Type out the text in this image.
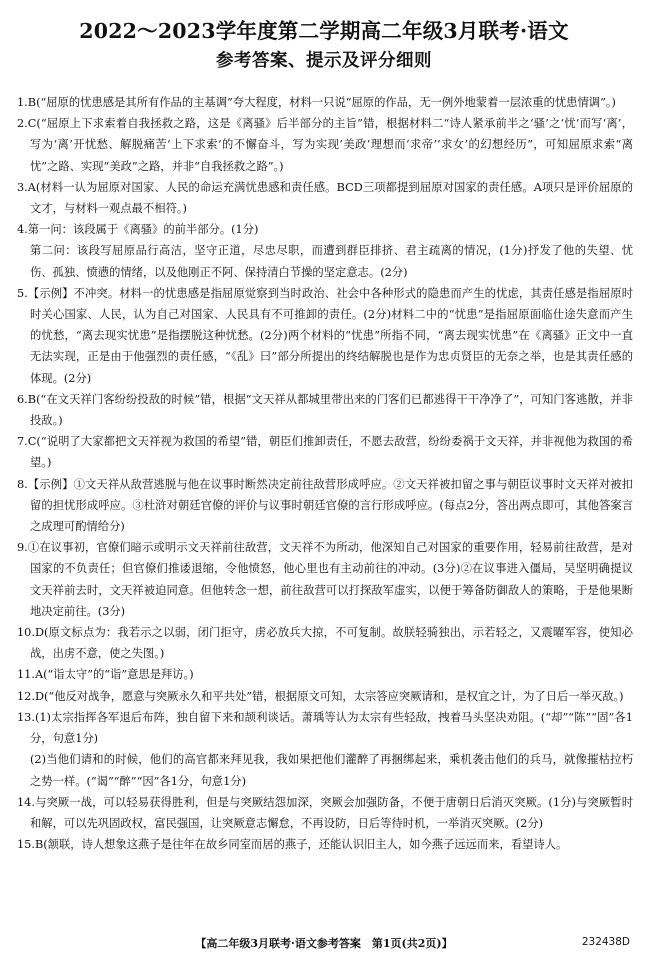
2022～2023学年度第二学期高二年级3月联考·语文
参考答案、提示及评分细则
1.B(“屈原的忧患感是其所有作品的主基调”夸大程度，材料一只说“屈原的作品，无一例外地蒙着一层浓重的忧患情调”。)
2.C(“屈原上下求索着自我拯救之路，这是《离骚》后半部分的主旨”错，根据材料二“诗人紧承前半之‘骚’之‘忧’而写‘离’，写为‘离’开忧愁、解脱痛苦‘上下求索’的不懈奋斗，写为实现‘美政’理想而‘求帝’‘求女’的幻想经历”，可知屈原求索“离忧”之路、实现“美政”之路，并非“自我拯救之路”。)
3.A(材料一认为屈原对国家、人民的命运充满忧患感和责任感。BCD三项都提到屈原对国家的责任感。A项只是评价屈原的文才，与材料一观点最不相符。)
4.第一问：该段属于《离骚》的前半部分。(1分)
第二问：该段写屈原品行高洁，坚守正道，尽忠尽职，而遭到群臣排挤、君主疏离的情况，(1分)抒发了他的失望、忧伤、孤独、愤懑的情绪，以及他刚正不阿、保持清白节操的坚定意志。(2分)
5.【示例】不冲突。材料一的忧患感是指屈原觉察到当时政治、社会中各种形式的隐患而产生的忧虑，其责任感是指屈原时时关心国家、人民，认为自己对国家、人民具有不可推卸的责任。(2分)材料二中的“忧患”是指屈原面临仕途失意而产生的忧愁，“离去现实忧患”是指摆脱这种忧愁。(2分)两个材料的“忧患”所指不同，“离去现实忧患”在《离骚》正文中一直无法实现，正是由于他强烈的责任感，“《乱》曰”部分所提出的终结解脱也是作为忠贞贤臣的无奈之举，也是其责任感的体现。(2分)
6.B(“在文天祥门客纷纷投敌的时候”错，根据“文天祥从都城里带出来的门客们已都逃得干干净净了”，可知门客逃散，并非投敌。)
7.C(“说明了大家都把文天祥视为救国的希望”错，朝臣们推卸责任，不愿去敌营，纷纷委祸于文天祥，并非视他为救国的希望。)
8.【示例】①文天祥从敌营逃脱与他在议事时断然决定前往敌营形成呼应。②文天祥被扣留之事与朝臣议事时文天祥对被扣留的担忧形成呼应。③杜浒对朝廷官僚的评价与议事时朝廷官僚的言行形成呼应。(每点2分，答出两点即可，其他答案言之成理可酌情给分)
9.①在议事初，官僚们暗示或明示文天祥前往敌营，文天祥不为所动，他深知自己对国家的重要作用，轻易前往敌营，是对国家的不负责任；但官僚们推诿退缩，令他愤怒，他心里也有主动前往的冲动。(3分)②在议事进入僵局，吴坚明确提议文天祥前去时，文天祥被迫同意。但他转念一想，前往敌营可以打探敌军虚实，以便于筹备防御敌人的策略，于是他果断地决定前往。(3分)
10.D(原文标点为：我若示之以弱，闭门拒守，虏必放兵大掠，不可复制。故朕轻骑独出，示若轻之，又震曜军容，使知必战，出虏不意，使之失图。)
11.A(“诣太守”的“诣”意思是拜访。)
12.D(“他反对战争，愿意与突厥永久和平共处”错，根据原文可知，太宗答应突厥请和，是权宜之计，为了日后一举灭敌。)
13.(1)太宗指挥各军退后布阵，独自留下来和颉利谈话。萧瑀等认为太宗有些轻敌，拽着马头坚决劝阻。(“却”“陈”“固”各1分，句意1分)
(2)当他们请和的时候，他们的高官都来拜见我，我如果把他们灌醉了再捆绑起来，乘机袭击他们的兵马，就像摧枯拉朽之势一样。(“谒”“醉”“因”各1分，句意1分)
14.与突厥一战，可以轻易获得胜利，但是与突厥结怨加深，突厥会加强防备，不便于唐朝日后消灭突厥。(1分)与突厥暂时和解，可以先巩固政权，富民强国，让突厥意志懈怠，不再设防，日后等待时机，一举消灭突厥。(2分)
15.B(颔联，诗人想象这燕子是往年在故乡同室而居的燕子，还能认识旧主人，如今燕子远远而来，看望诗人。
【高二年级3月联考·语文参考答案　第1页(共2页)】	232438D
